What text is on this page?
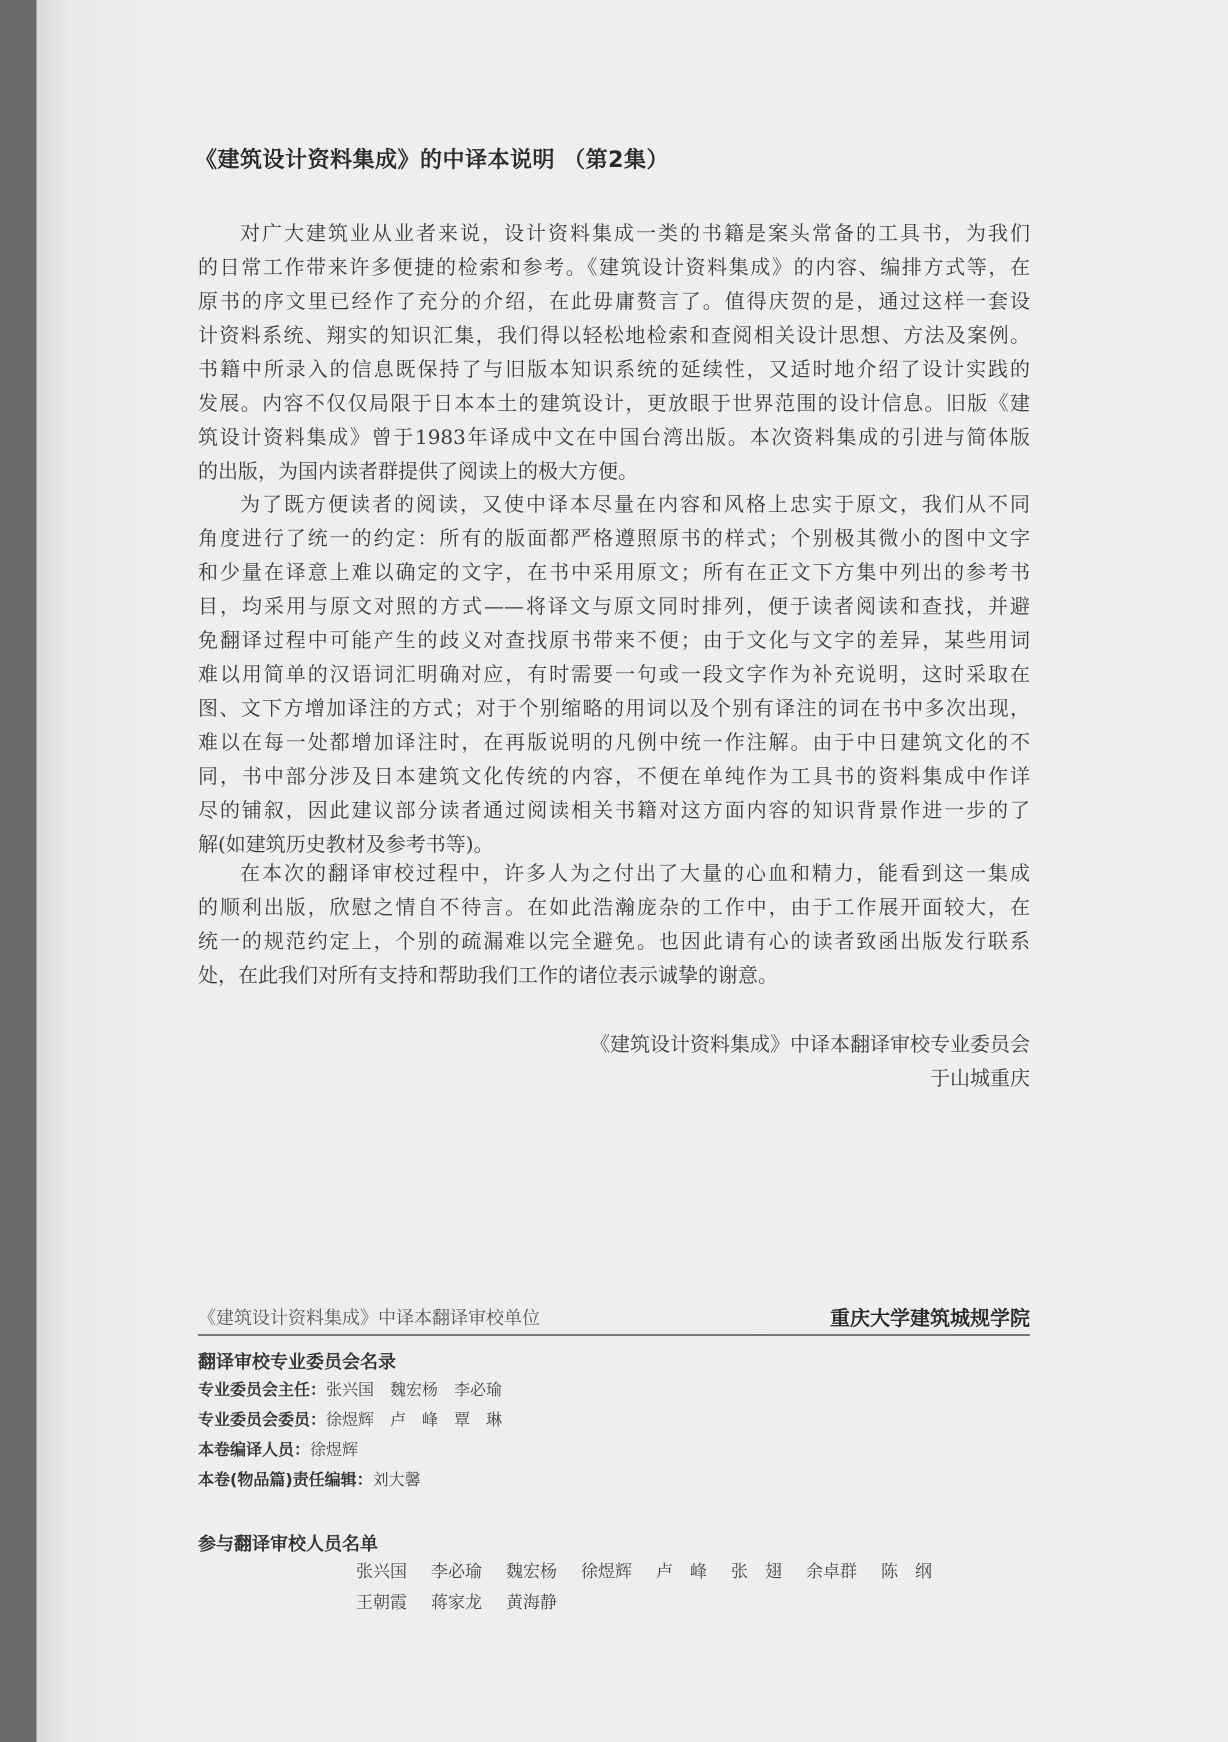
《建筑设计资料集成》的中译本说明 （第2集）
对广大建筑业从业者来说，设计资料集成一类的书籍是案头常备的工具书，为我们
的日常工作带来许多便捷的检索和参考。《建筑设计资料集成》的内容、编排方式等，在
原书的序文里已经作了充分的介绍，在此毋庸赘言了。值得庆贺的是，通过这样一套设
计资料系统、翔实的知识汇集，我们得以轻松地检索和查阅相关设计思想、方法及案例。
书籍中所录入的信息既保持了与旧版本知识系统的延续性，又适时地介绍了设计实践的
发展。内容不仅仅局限于日本本土的建筑设计，更放眼于世界范围的设计信息。旧版《建
筑设计资料集成》曾于1983年译成中文在中国台湾出版。本次资料集成的引进与简体版
的出版，为国内读者群提供了阅读上的极大方便。
为了既方便读者的阅读，又使中译本尽量在内容和风格上忠实于原文，我们从不同
角度进行了统一的约定：所有的版面都严格遵照原书的样式；个别极其微小的图中文字
和少量在译意上难以确定的文字，在书中采用原文；所有在正文下方集中列出的参考书
目，均采用与原文对照的方式——将译文与原文同时排列，便于读者阅读和查找，并避
免翻译过程中可能产生的歧义对查找原书带来不便；由于文化与文字的差异，某些用词
难以用简单的汉语词汇明确对应，有时需要一句或一段文字作为补充说明，这时采取在
图、文下方增加译注的方式；对于个别缩略的用词以及个别有译注的词在书中多次出现，
难以在每一处都增加译注时，在再版说明的凡例中统一作注解。由于中日建筑文化的不
同，书中部分涉及日本建筑文化传统的内容，不便在单纯作为工具书的资料集成中作详
尽的铺叙，因此建议部分读者通过阅读相关书籍对这方面内容的知识背景作进一步的了
解(如建筑历史教材及参考书等)。
在本次的翻译审校过程中，许多人为之付出了大量的心血和精力，能看到这一集成
的顺利出版，欣慰之情自不待言。在如此浩瀚庞杂的工作中，由于工作展开面较大，在
统一的规范约定上，个别的疏漏难以完全避免。也因此请有心的读者致函出版发行联系
处，在此我们对所有支持和帮助我们工作的诸位表示诚挚的谢意。
《建筑设计资料集成》中译本翻译审校专业委员会
于山城重庆
《建筑设计资料集成》中译本翻译审校单位	重庆大学建筑城规学院
翻译审校专业委员会名录
专业委员会主任：张兴国　魏宏杨　李必瑜
专业委员会委员：徐煜辉　卢　峰　覃　琳
本卷编译人员：徐煜辉
本卷(物品篇)责任编辑：刘大馨
参与翻译审校人员名单
张兴国 李必瑜 魏宏杨 徐煜辉 卢　峰 张　翅 余卓群 陈　纲
王朝霞 蒋家龙 黄海静
